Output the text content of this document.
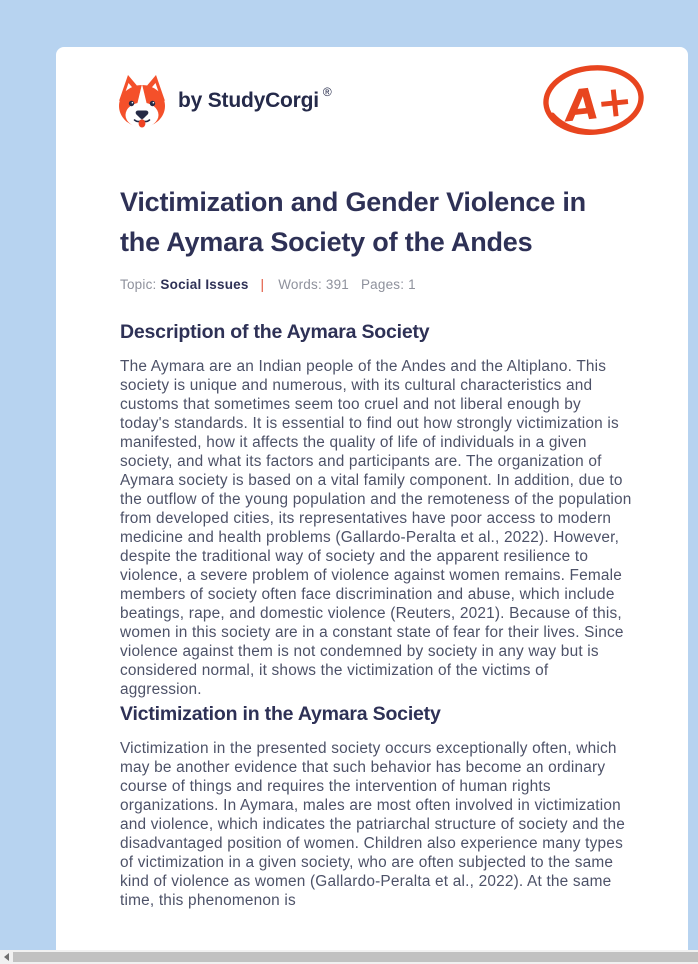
by StudyCorgi ®	A+
Victimization and Gender Violence in the Aymara Society of the Andes
Topic: Social Issues | Words: 391 Pages: 1
Description of the Aymara Society

The Aymara are an Indian people of the Andes and the Altiplano. This society is unique and numerous, with its cultural characteristics and customs that sometimes seem too cruel and not liberal enough by today's standards. It is essential to find out how strongly victimization is manifested, how it affects the quality of life of individuals in a given society, and what its factors and participants are. The organization of Aymara society is based on a vital family component. In addition, due to the outflow of the young population and the remoteness of the population from developed cities, its representatives have poor access to modern medicine and health problems (Gallardo-Peralta et al., 2022). However, despite the traditional way of society and the apparent resilience to violence, a severe problem of violence against women remains. Female members of society often face discrimination and abuse, which include beatings, rape, and domestic violence (Reuters, 2021). Because of this, women in this society are in a constant state of fear for their lives. Since violence against them is not condemned by society in any way but is considered normal, it shows the victimization of the victims of aggression.

Victimization in the Aymara Society

Victimization in the presented society occurs exceptionally often, which may be another evidence that such behavior has become an ordinary course of things and requires the intervention of human rights organizations. In Aymara, males are most often involved in victimization and violence, which indicates the patriarchal structure of society and the disadvantaged position of women. Children also experience many types of victimization in a given society, who are often subjected to the same kind of violence as women (Gallardo-Peralta et al., 2022). At the same time, this phenomenon is
